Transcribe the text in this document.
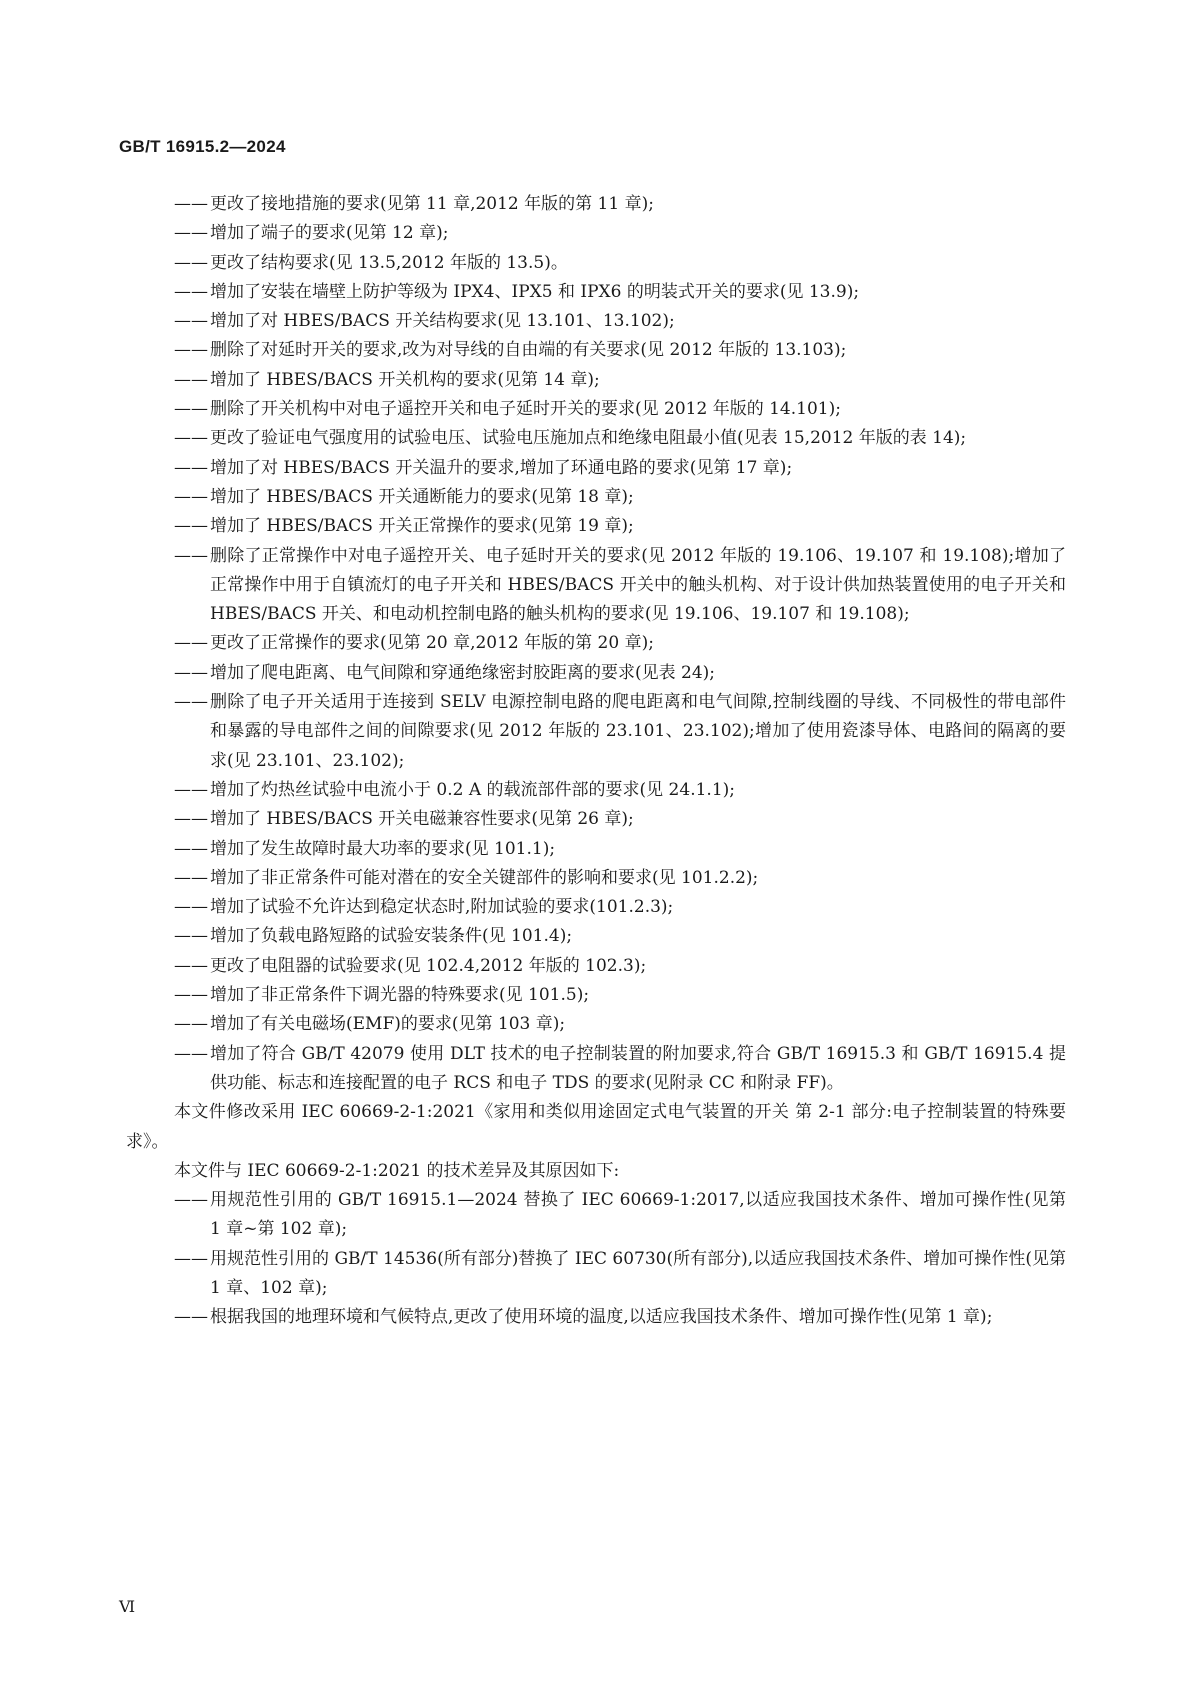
GB/T 16915.2—2024
—— 更改了接地措施的要求(见第 11 章,2012 年版的第 11 章);
—— 增加了端子的要求(见第 12 章);
—— 更改了结构要求(见 13.5,2012 年版的 13.5)。
—— 增加了安装在墙壁上防护等级为 IPX4、IPX5 和 IPX6 的明装式开关的要求(见 13.9);
—— 增加了对 HBES/BACS 开关结构要求(见 13.101、13.102);
—— 删除了对延时开关的要求,改为对导线的自由端的有关要求(见 2012 年版的 13.103);
—— 增加了 HBES/BACS 开关机构的要求(见第 14 章);
—— 删除了开关机构中对电子遥控开关和电子延时开关的要求(见 2012 年版的 14.101);
—— 更改了验证电气强度用的试验电压、试验电压施加点和绝缘电阻最小值(见表 15,2012 年版的表 14);
—— 增加了对 HBES/BACS 开关温升的要求,增加了环通电路的要求(见第 17 章);
—— 增加了 HBES/BACS 开关通断能力的要求(见第 18 章);
—— 增加了 HBES/BACS 开关正常操作的要求(见第 19 章);
—— 删除了正常操作中对电子遥控开关、电子延时开关的要求(见 2012 年版的 19.106、19.107 和 19.108);增加了正常操作中用于自镇流灯的电子开关和 HBES/BACS 开关中的触头机构、对于设计供加热装置使用的电子开关和 HBES/BACS 开关、和电动机控制电路的触头机构的要求(见 19.106、19.107 和 19.108);
—— 更改了正常操作的要求(见第 20 章,2012 年版的第 20 章);
—— 增加了爬电距离、电气间隙和穿通绝缘密封胶距离的要求(见表 24);
—— 删除了电子开关适用于连接到 SELV 电源控制电路的爬电距离和电气间隙,控制线圈的导线、不同极性的带电部件和暴露的导电部件之间的间隙要求(见 2012 年版的 23.101、23.102);增加了使用瓷漆导体、电路间的隔离的要求(见 23.101、23.102);
—— 增加了灼热丝试验中电流小于 0.2 A 的载流部件部的要求(见 24.1.1);
—— 增加了 HBES/BACS 开关电磁兼容性要求(见第 26 章);
—— 增加了发生故障时最大功率的要求(见 101.1);
—— 增加了非正常条件可能对潜在的安全关键部件的影响和要求(见 101.2.2);
—— 增加了试验不允许达到稳定状态时,附加试验的要求(101.2.3);
—— 增加了负载电路短路的试验安装条件(见 101.4);
—— 更改了电阻器的试验要求(见 102.4,2012 年版的 102.3);
—— 增加了非正常条件下调光器的特殊要求(见 101.5);
—— 增加了有关电磁场(EMF)的要求(见第 103 章);
—— 增加了符合 GB/T 42079 使用 DLT 技术的电子控制装置的附加要求,符合 GB/T 16915.3 和 GB/T 16915.4 提供功能、标志和连接配置的电子 RCS 和电子 TDS 的要求(见附录 CC 和附录 FF)。
本文件修改采用 IEC 60669-2-1:2021《家用和类似用途固定式电气装置的开关 第 2-1 部分:电子控制装置的特殊要求》。
本文件与 IEC 60669-2-1:2021 的技术差异及其原因如下:
—— 用规范性引用的 GB/T 16915.1—2024 替换了 IEC 60669-1:2017,以适应我国技术条件、增加可操作性(见第 1 章~第 102 章);
—— 用规范性引用的 GB/T 14536(所有部分)替换了 IEC 60730(所有部分),以适应我国技术条件、增加可操作性(见第 1 章、102 章);
—— 根据我国的地理环境和气候特点,更改了使用环境的温度,以适应我国技术条件、增加可操作性(见第 1 章);
Ⅵ
